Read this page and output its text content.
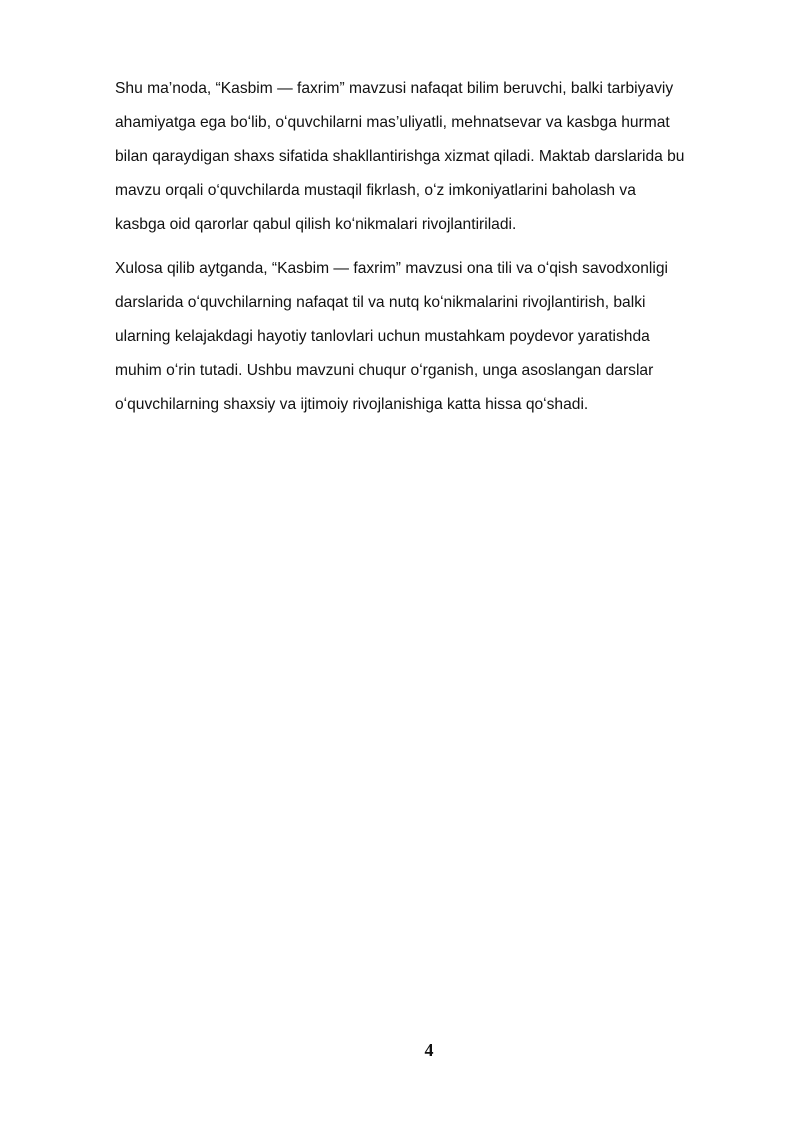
Shu ma’noda, “Kasbim — faxrim” mavzusi nafaqat bilim beruvchi, balki tarbiyaviy
ahamiyatga ega boʻlib, oʻquvchilarni mas’uliyatli, mehnatsevar va kasbga hurmat
bilan qaraydigan shaxs sifatida shakllantirishga xizmat qiladi. Maktab darslarida bu
mavzu orqali o‘quvchilarda mustaqil fikrlash, oʻz imkoniyatlarini baholash va
kasbga oid qarorlar qabul qilish koʻnikmalari rivojlantiriladi.

Xulosa qilib aytganda, “Kasbim — faxrim” mavzusi ona tili va oʻqish savodxonligi
darslarida oʻquvchilarning nafaqat til va nutq koʻnikmalarini rivojlantirish, balki
ularning kelajakdagi hayotiy tanlovlari uchun mustahkam poydevor yaratishda
muhim oʻrin tutadi. Ushbu mavzuni chuqur oʻrganish, unga asoslangan darslar
oʻquvchilarning shaxsiy va ijtimoiy rivojlanishiga katta hissa qoʻshadi.

4
